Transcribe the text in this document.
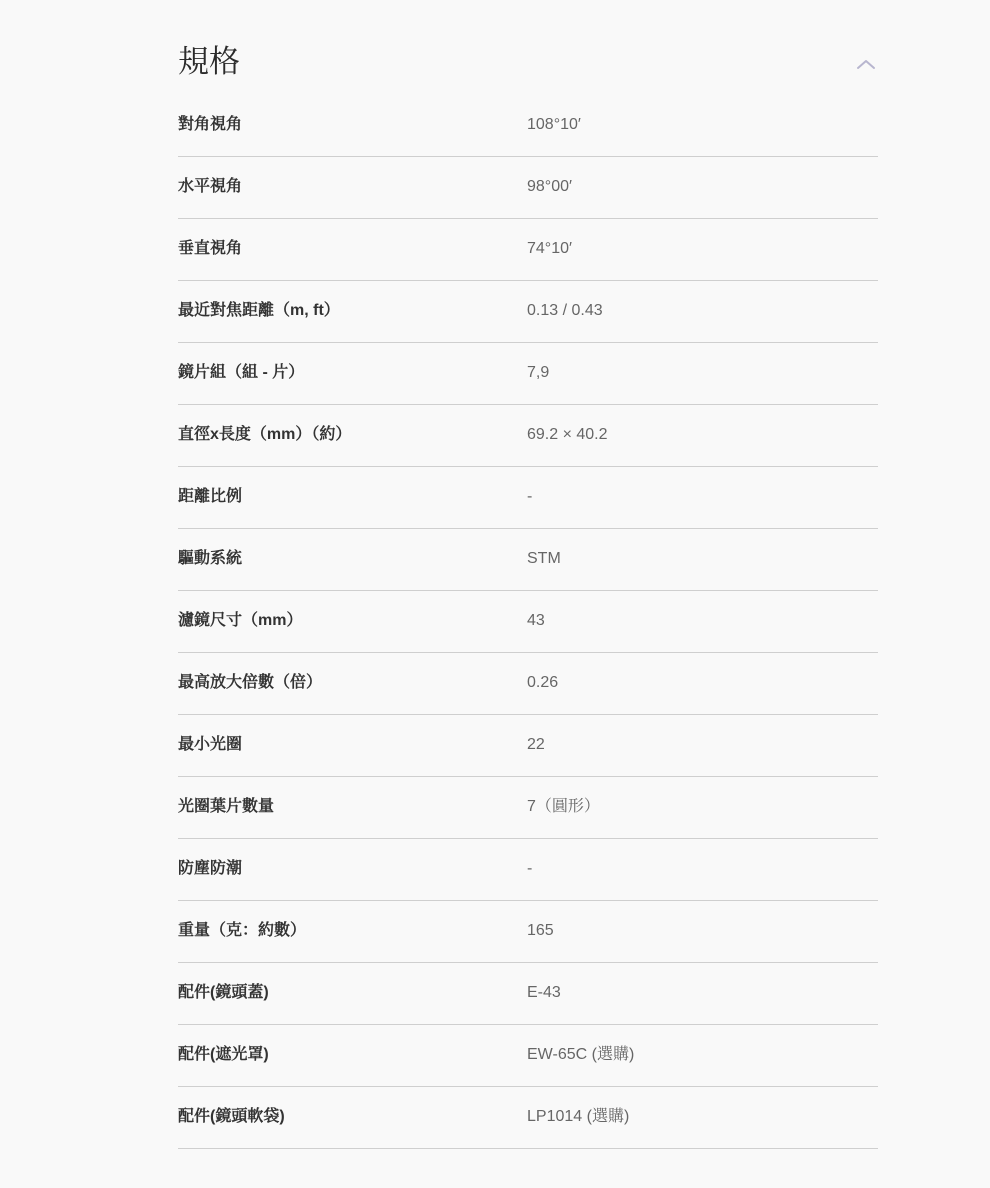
規格
對角視角	108°10′
水平視角	98°00′
垂直視角	74°10′
最近對焦距離（m, ft）	0.13 / 0.43
鏡片組（組 - 片）	7,9
直徑x長度（mm）（約）	69.2 × 40.2
距離比例	-
驅動系統	STM
濾鏡尺寸（mm）	43
最高放大倍數（倍）	0.26
最小光圈	22
光圈葉片數量	7（圓形）
防塵防潮	-
重量（克：約數）	165
配件(鏡頭蓋)	E-43
配件(遮光罩)	EW-65C (選購)
配件(鏡頭軟袋)	LP1014 (選購)
